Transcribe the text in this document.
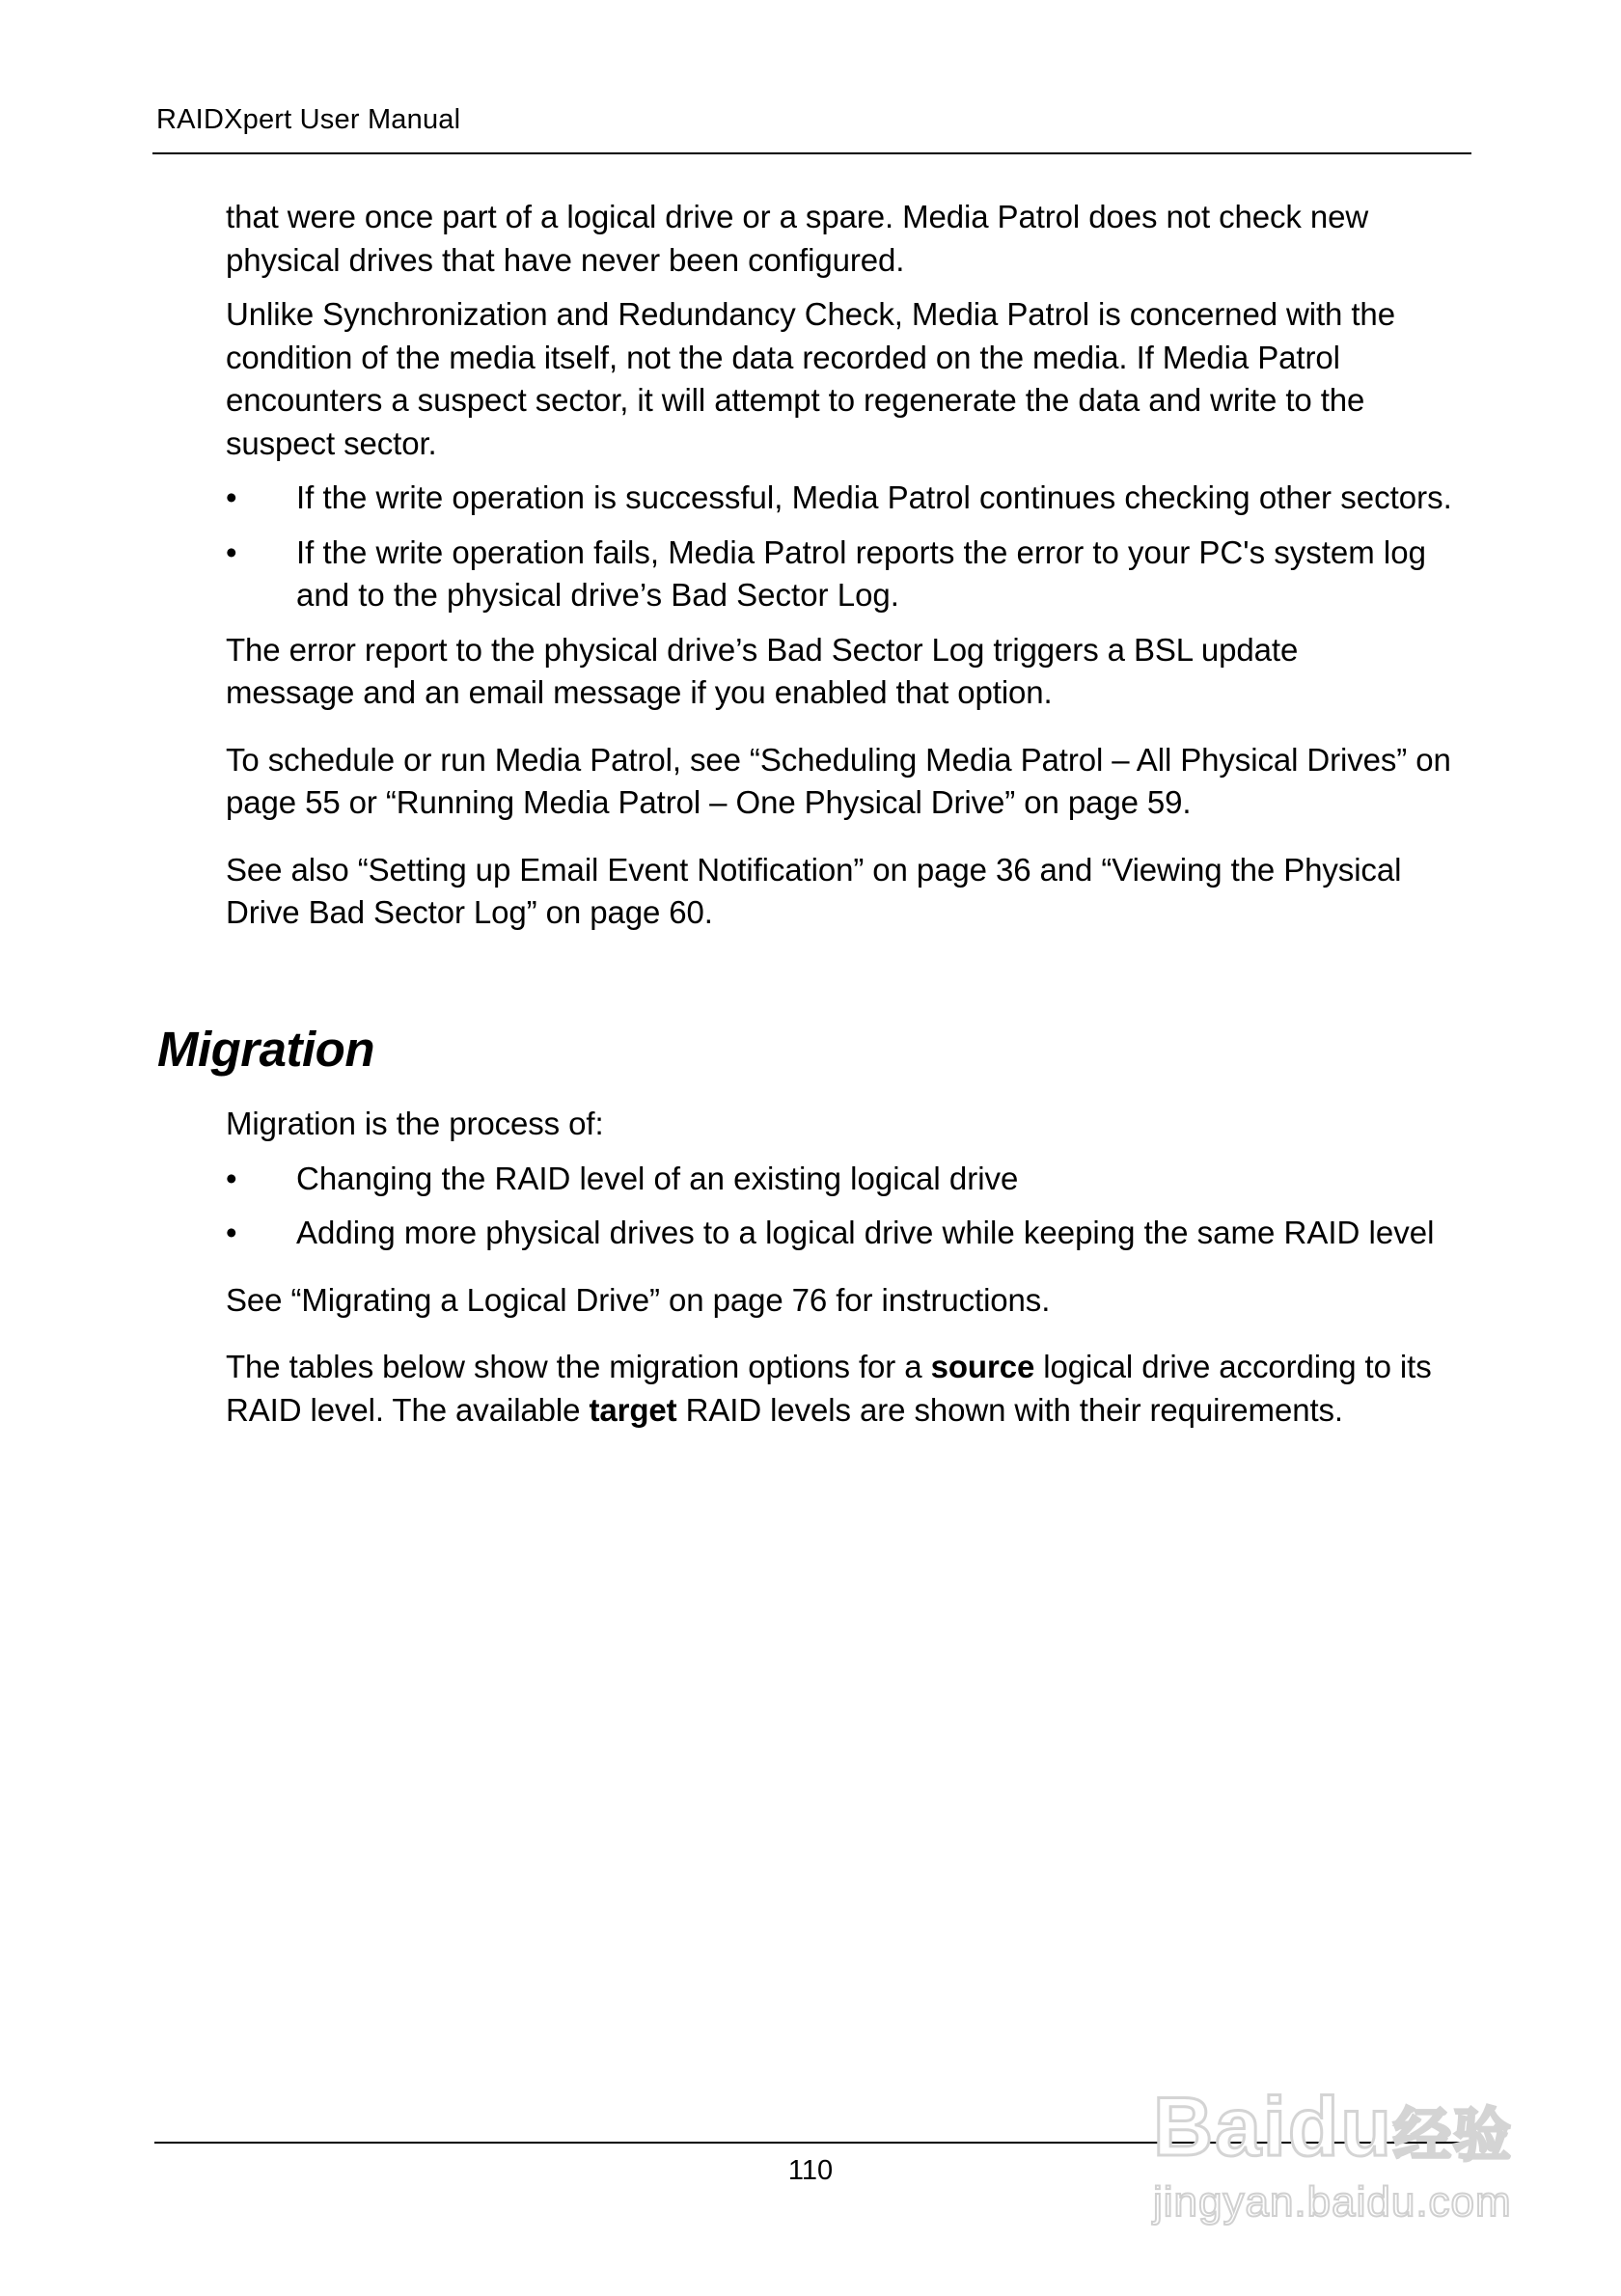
RAIDXpert User Manual

that were once part of a logical drive or a spare. Media Patrol does not check new physical drives that have never been configured.

Unlike Synchronization and Redundancy Check, Media Patrol is concerned with the condition of the media itself, not the data recorded on the media. If Media Patrol encounters a suspect sector, it will attempt to regenerate the data and write to the suspect sector.

• If the write operation is successful, Media Patrol continues checking other sectors.
• If the write operation fails, Media Patrol reports the error to your PC's system log and to the physical drive’s Bad Sector Log.

The error report to the physical drive’s Bad Sector Log triggers a BSL update message and an email message if you enabled that option.

To schedule or run Media Patrol, see “Scheduling Media Patrol – All Physical Drives” on page 55 or “Running Media Patrol – One Physical Drive” on page 59.

See also “Setting up Email Event Notification” on page 36 and “Viewing the Physical Drive Bad Sector Log” on page 60.

Migration

Migration is the process of:

• Changing the RAID level of an existing logical drive
• Adding more physical drives to a logical drive while keeping the same RAID level

See “Migrating a Logical Drive” on page 76 for instructions.

The tables below show the migration options for a source logical drive according to its RAID level. The available target RAID levels are shown with their requirements.

110	Baidu经验
jingyan.baidu.com
